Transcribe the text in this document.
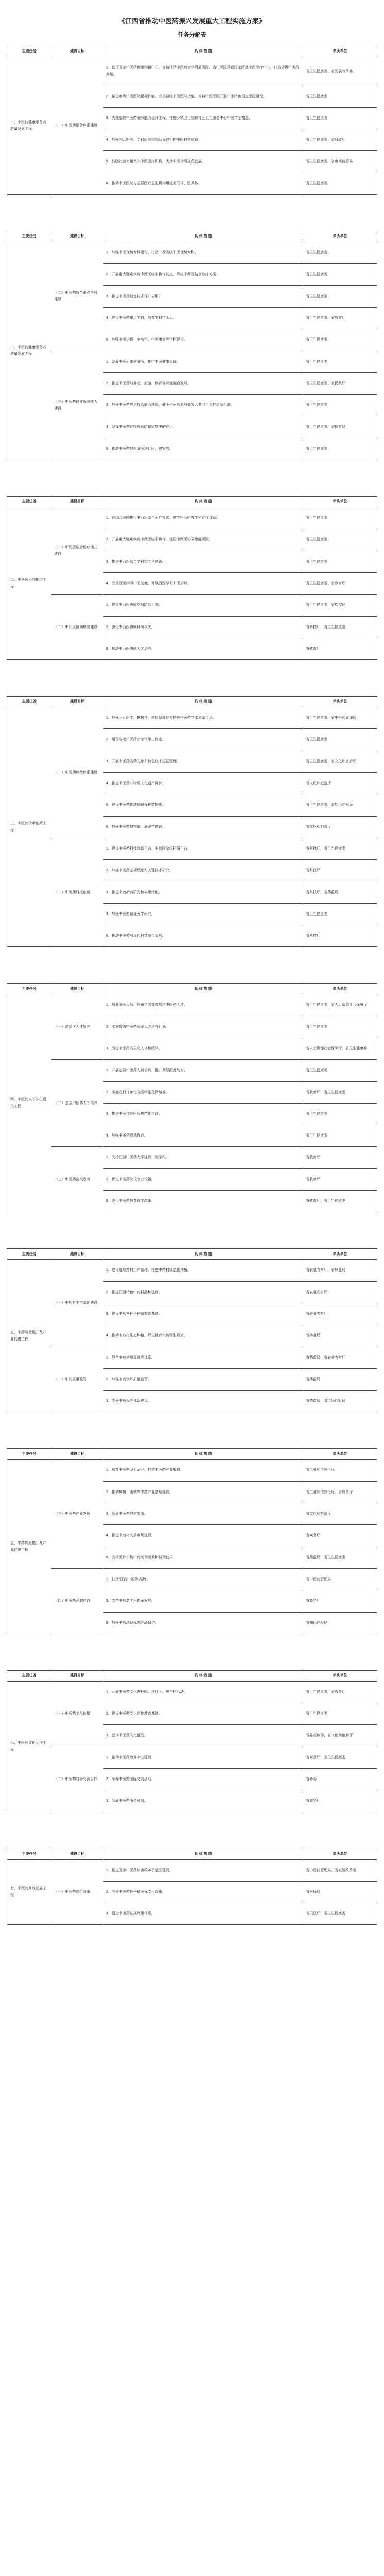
《江西省推动中医药振兴发展重大工程实施方案》
任务分解表
主要任务	建设目标	具 体 措 施	牵头单位
一、中医药健康服务高质量发展工程	（一）中医药服务体系建设	1．依托国家中医药传承创新中心，支持江西中医药大学附属医院、省中医院建设国家区域中医医疗中心，打造省级中医药高地。	省卫生健康委、省发展改革委
		2．推进市级中医医院提标扩能，完善县级中医医院功能，支持中医医院开展中医特色重点医院建设。	省卫生健康委
		3．实施基层中医药服务能力提升工程，推进乡镇卫生院和社区卫生服务中心中医馆全覆盖。	省卫生健康委
		4．加强综合医院、专科医院和妇幼保健机构中医科室建设。	省卫生健康委、省财政厅
		5．鼓励社会力量举办中医医疗机构，支持中医诊所规范发展。	省卫生健康委、省市场监管局
		6．推动中医医院与基层医疗卫生机构组建医联体、医共体。	省卫生健康委
主要任务	建设目标	具 体 措 施	牵头单位
一、中医药健康服务高质量发展工程	（二）中医药特色重点学科建设	1．加强中医优势专科建设，打造一批省级中医优势专科。	省卫生健康委
		2．开展重大疑难疾病中西医临床协作试点，形成中西医结合诊疗方案。	省卫生健康委
		3．推进中医药适宜技术推广应用。	省卫生健康委
		4．建设中医药重点学科，培育学科带头人。	省卫生健康委、省教育厅
		5．加强中医护理、中药学、中医康复等学科建设。	省卫生健康委
	（三）中医药健康服务能力建设	1．发展中医治未病服务，推广中医健康管理。	省卫生健康委
		2．推进中医药与养老、旅游、体育等深度融合发展。	省卫生健康委、省民政厅
		3．加强中医药应急救治能力建设，健全中医药参与突发公共卫生事件应急机制。	省卫生健康委
		4．发挥中医药在疾病预防和康复中的作用。	省卫生健康委、省体育局
		5．推动中医药健康服务进社区、进家庭。	省卫生健康委
主要任务	建设目标	具 体 措 施	牵头单位
二、中西医协同推进工程	（一）中西医结合医疗模式建设	1．在综合医院推行中西医结合医疗模式，建立中西医多学科诊疗体系。	省卫生健康委
		2．开展重大疑难疾病中西医临床协作，建设中西医协同旗舰医院。	省卫生健康委
		3．推进中西医结合学科和专科建设。	省卫生健康委
		4．完善西医学习中医制度，开展西医学习中医培训。	省卫生健康委、省教育厅
	（二）中西医协同机制建设	1．建立中西医协同疫病防治机制。	省卫生健康委、省疾控局
		2．强化中西医协同科研攻关。	省科技厅、省卫生健康委
		3．推动中西医协同人才培养。	省教育厅
主要任务	建设目标	具 体 措 施	牵头单位
三、中医药传承创新工程	（一）中医药传承体系建设	1．加强旴江医学、樟树帮、建昌帮等地方特色中医药学术流派传承。	省卫生健康委、省中医药管理局
		2．建设名老中医药专家传承工作室。	省卫生健康委
		3．开展中医药古籍文献和特色技术挖掘整理。	省卫生健康委、省文化和旅游厅
		4．推进中医药非物质文化遗产保护。	省文化和旅游厅
		5．建设中医药传统知识保护数据库。	省卫生健康委、省知识产权局
		6．加强中医药博物馆、展览馆建设。	省文化和旅游厅
	（二）中医药科技创新	1．建设中医药科技创新平台，争创国家级科研平台。	省科技厅、省卫生健康委
		2．加强中医药基础理论和关键技术研究。	省科技厅
		3．推进中药新药研发和成果转化。	省科技厅、省药监局
		4．加强中医药循证医学研究。	省卫生健康委
		5．推动中医药与现代科技融合发展。	省科技厅
主要任务	建设目标	具 体 措 施	牵头单位
四、中医药人才队伍建设工程	（一）高层次人才培养	1．培养国医大师、岐黄学者等高层次中医药人才。	省卫生健康委、省人力资源社会保障厅
		2．实施省级中医药领军人才培养计划。	省卫生健康委
		3．引进中医药高层次人才和团队。	省人力资源社会保障厅、省卫生健康委
	（二）基层中医药人才培养	1．开展基层中医药人员培训，提升基层服务能力。	省卫生健康委
		2．实施农村订单定向医学生免费培养。	省教育厅、省卫生健康委
		3．推进中医住院医师规范化培训。	省卫生健康委
		4．加强中医药师承教育。	省卫生健康委
	（三）中医药院校教育	1．支持江西中医药大学建设一流学科。	省教育厅
		2．优化中医药院校专业设置。	省教育厅
		3．深化中医药教育教学改革。	省教育厅、省卫生健康委
主要任务	建设目标	具 体 措 施	牵头单位
五、中药质量提升及产业促进工程	（一）中药材生产基地建设	1．建设道地药材生产基地，推进中药材规范化种植。	省农业农村厅、省林业局
		2．推进江西特色中药材品种选育。	省农业农村厅
		3．建设中药材种子种苗繁育基地。	省农业农村厅
		4．推动中药材生态种植、野生抚育和仿野生栽培。	省林业局
	（二）中药质量监管	1．健全中药材质量追溯体系。	省药监局、省农业农村厅
		2．加强中药饮片质量监管。	省药监局
		3．完善中药标准体系建设。	省药监局、省市场监管局
主要任务	建设目标	具 体 措 施	牵头单位
五、中药质量提升及产业促进工程	（三）中医药产业发展	1．培育中医药龙头企业，打造中医药产业集群。	省工业和信息化厅
		2．推动樟树、南城等中药产业基地建设。	省工业和信息化厅、省商务厅
		3．发展中医药健康旅游。	省文化和旅游厅
		4．推进中药材交易市场建设。	省商务厅
		5．支持医疗机构中药制剂研发和调剂使用。	省药监局、省卫生健康委
	（四）中医药品牌建设	1．打造“江西中医药”品牌。	省中医药管理局
		2．支持中药老字号传承发展。	省商务厅
		3．加强中药地理标志产品保护。	省知识产权局
主要任务	建设目标	具 体 措 施	牵头单位
六、中医药文化弘扬工程	（一）中医药文化传播	1．开展中医药文化进校园、进社区、进乡村活动。	省卫生健康委、省教育厅
		2．建设中医药文化宣传教育基地。	省卫生健康委
		3．创作中医药文化精品。	省委宣传部、省文化和旅游厅
	（二）中医药对外交流合作	1．推动中医药海外中心建设。	省商务厅、省卫生健康委
		2．举办中医药国际交流活动。	省外办
		3．发展中医药服务贸易。	省商务厅
主要任务	建设目标	具 体 措 施	牵头单位
七、中医药开放发展工程	（一）中医药综合改革	1．推进国家中医药综合改革示范区建设。	省中医药管理局、省发展改革委
		2．完善中医药价格和医保支付政策。	省医保局
		3．健全中医药法规政策体系。	省司法厅、省卫生健康委
